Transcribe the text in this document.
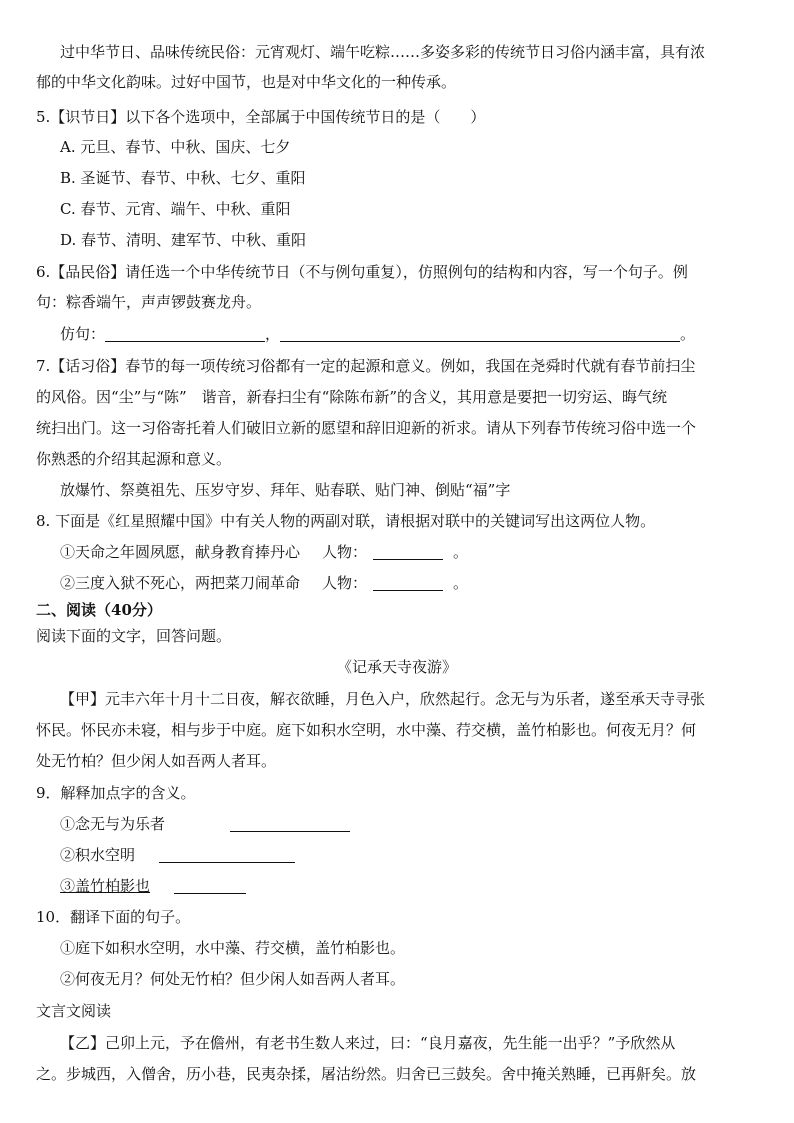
过中华节日、品味传统民俗：元宵观灯、端午吃粽……多姿多彩的传统节日习俗内涵丰富，具有浓
郁的中华文化韵味。过好中国节，也是对中华文化的一种传承。
5.【识节日】以下各个选项中，全部属于中国传统节日的是（　　）
A. 元旦、春节、中秋、国庆、七夕
B. 圣诞节、春节、中秋、七夕、重阳
C. 春节、元宵、端午、中秋、重阳
D. 春节、清明、建军节、中秋、重阳
6.【品民俗】请任选一个中华传统节日（不与例句重复），仿照例句的结构和内容，写一个句子。例
句：粽香端午，声声锣鼓赛龙舟。
仿句：	，	。
7.【话习俗】春节的每一项传统习俗都有一定的起源和意义。例如，我国在尧舜时代就有春节前扫尘
的风俗。因“尘”与“陈”　谐音，新春扫尘有“除陈布新”的含义，其用意是要把一切穷运、晦气统
统扫出门。这一习俗寄托着人们破旧立新的愿望和辞旧迎新的祈求。请从下列春节传统习俗中选一个
你熟悉的介绍其起源和意义。
放爆竹、祭奠祖先、压岁守岁、拜年、贴春联、贴门神、倒贴“福”字
8. 下面是《红星照耀中国》中有关人物的两副对联，请根据对联中的关键词写出这两位人物。
①天命之年圆夙愿，献身教育捧丹心 人物：	。
②三度入狱不死心，两把菜刀闹革命 人物：	。
二、阅读（40分）
阅读下面的文字，回答问题。
《记承天寺夜游》
【甲】元丰六年十月十二日夜，解衣欲睡，月色入户，欣然起行。念无与为乐者，遂至承天寺寻张
怀民。怀民亦未寝，相与步于中庭。庭下如积水空明，水中藻、荇交横，盖竹柏影也。何夜无月？何
处无竹柏？但少闲人如吾两人者耳。
9．解释加点字的含义。
①念无与为乐者
②积水空明
③盖竹柏影也
10．翻译下面的句子。
①庭下如积水空明，水中藻、荇交横，盖竹柏影也。
②何夜无月？何处无竹柏？但少闲人如吾两人者耳。
文言文阅读
【乙】己卯上元，予在儋州，有老书生数人来过，曰：“良月嘉夜，先生能一出乎？”予欣然从
之。步城西，入僧舍，历小巷，民夷杂揉，屠沽纷然。归舍已三鼓矣。舍中掩关熟睡，已再鼾矣。放
